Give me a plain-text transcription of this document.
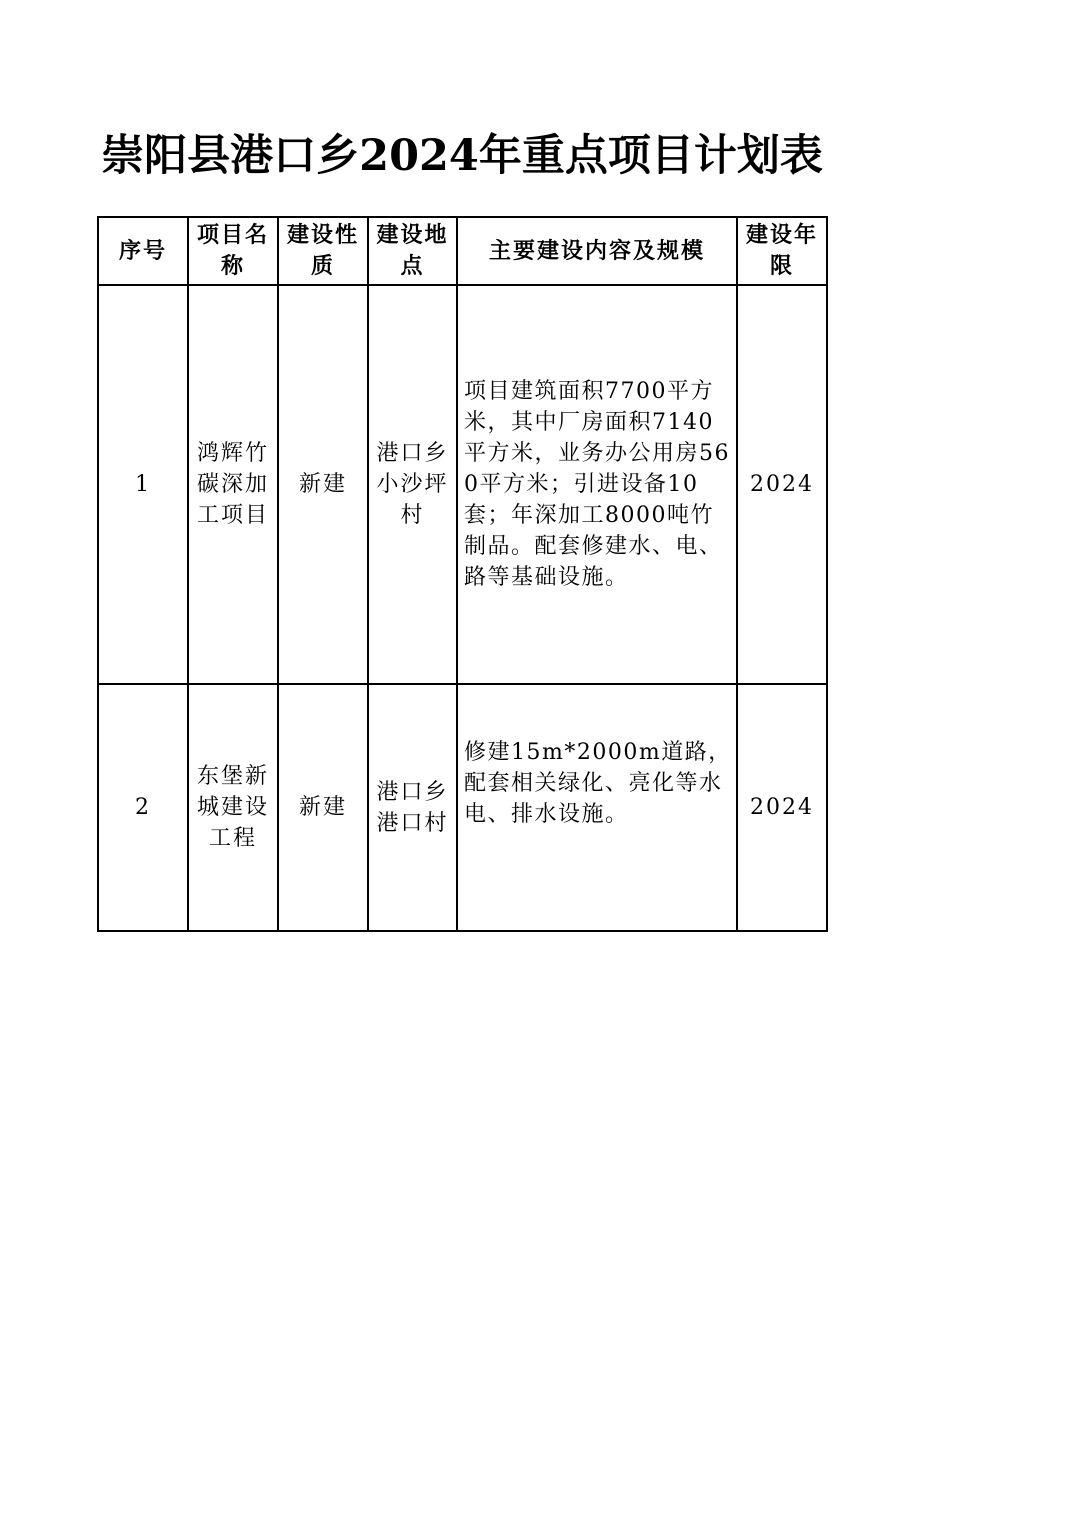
崇阳县港口乡2024年重点项目计划表
序号	项目名称	建设性质	建设地点	主要建设内容及规模	建设年限
1	鸿辉竹碳深加工项目	新建	港口乡小沙坪村	项目建筑面积7700平方米，其中厂房面积7140平方米，业务办公用房560平方米；引进设备10套；年深加工8000吨竹制品。配套修建水、电、路等基础设施。	2024
2	东堡新城建设工程	新建	港口乡港口村	修建15m*2000m道路，配套相关绿化、亮化等水电、排水设施。	2024
